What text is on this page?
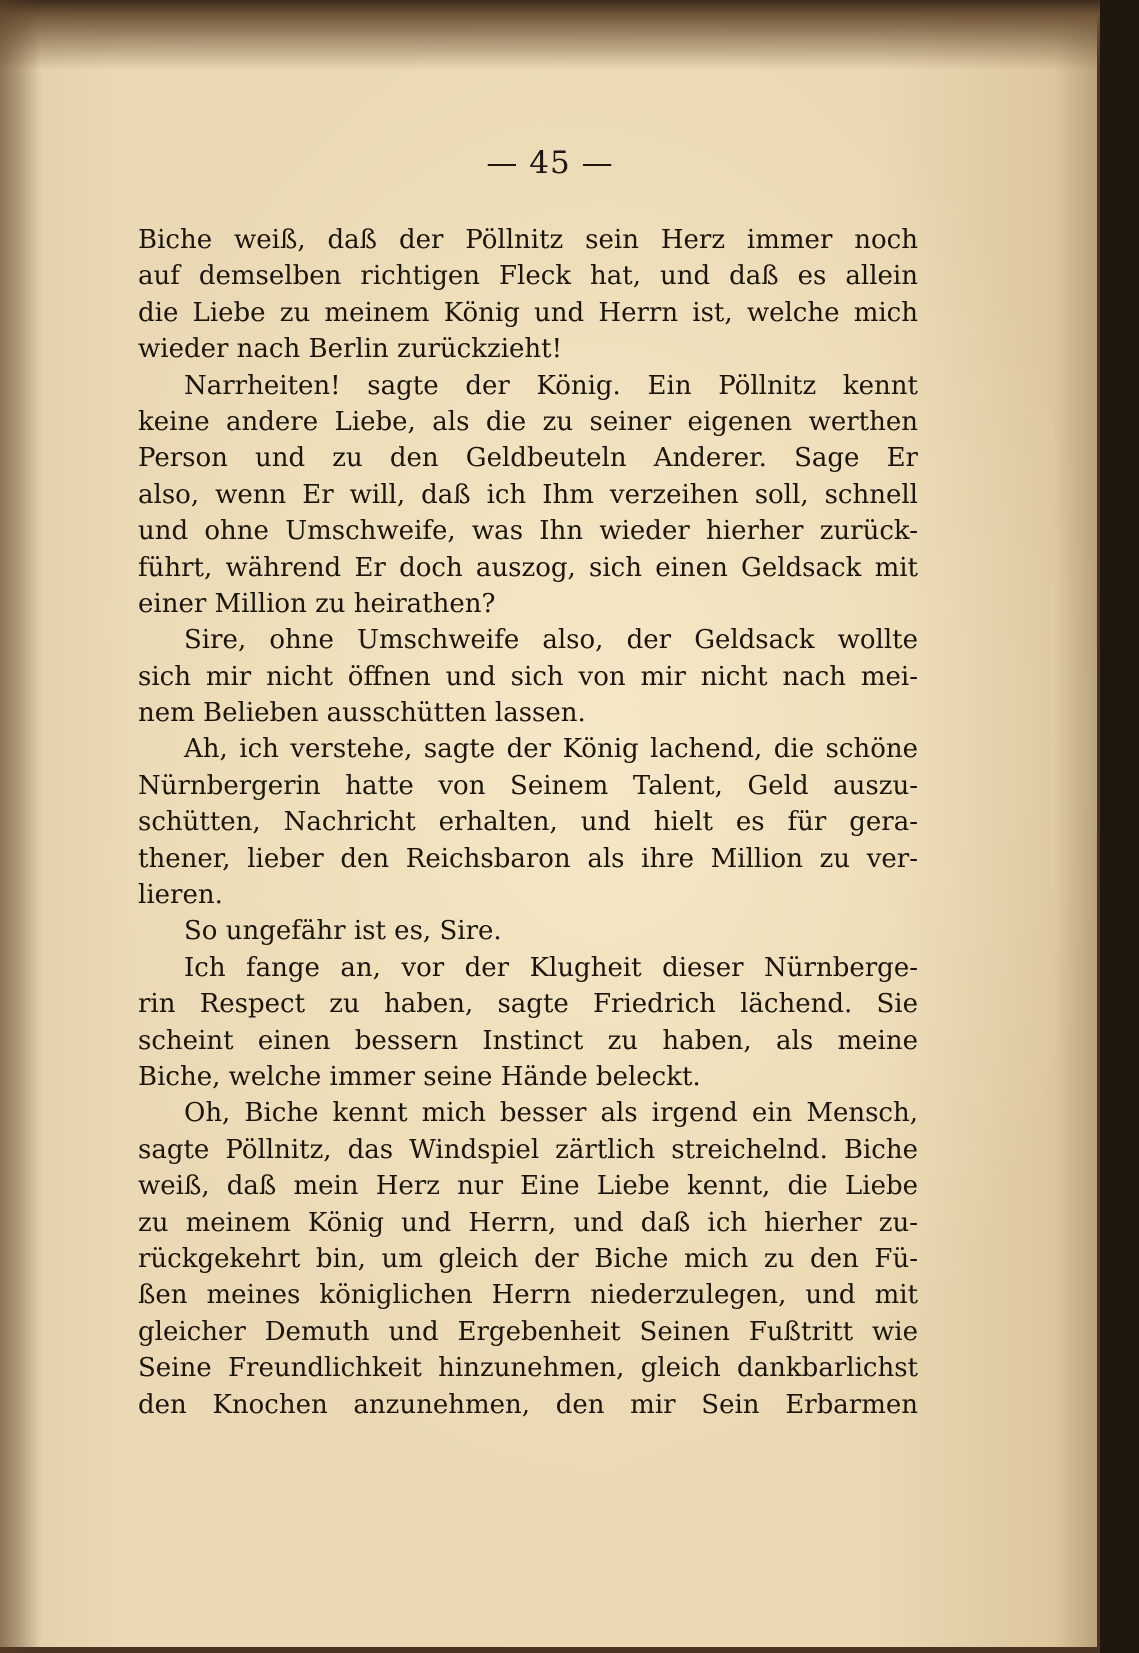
— 45 —
Biche weiß, daß der Pöllnitz sein Herz immer noch
auf demselben richtigen Fleck hat, und daß es allein
die Liebe zu meinem König und Herrn ist, welche mich
wieder nach Berlin zurückzieht!
Narrheiten! sagte der König. Ein Pöllnitz kennt
keine andere Liebe, als die zu seiner eigenen werthen
Person und zu den Geldbeuteln Anderer. Sage Er
also, wenn Er will, daß ich Ihm verzeihen soll, schnell
und ohne Umschweife, was Ihn wieder hierher zurück-
führt, während Er doch auszog, sich einen Geldsack mit
einer Million zu heirathen?
Sire, ohne Umschweife also, der Geldsack wollte
sich mir nicht öffnen und sich von mir nicht nach mei-
nem Belieben ausschütten lassen.
Ah, ich verstehe, sagte der König lachend, die schöne
Nürnbergerin hatte von Seinem Talent, Geld auszu-
schütten, Nachricht erhalten, und hielt es für gera-
thener, lieber den Reichsbaron als ihre Million zu ver-
lieren.
So ungefähr ist es, Sire.
Ich fange an, vor der Klugheit dieser Nürnberge-
rin Respect zu haben, sagte Friedrich lächend. Sie
scheint einen bessern Instinct zu haben, als meine
Biche, welche immer seine Hände beleckt.
Oh, Biche kennt mich besser als irgend ein Mensch,
sagte Pöllnitz, das Windspiel zärtlich streichelnd. Biche
weiß, daß mein Herz nur Eine Liebe kennt, die Liebe
zu meinem König und Herrn, und daß ich hierher zu-
rückgekehrt bin, um gleich der Biche mich zu den Fü-
ßen meines königlichen Herrn niederzulegen, und mit
gleicher Demuth und Ergebenheit Seinen Fußtritt wie
Seine Freundlichkeit hinzunehmen, gleich dankbarlichst
den Knochen anzunehmen, den mir Sein Erbarmen
